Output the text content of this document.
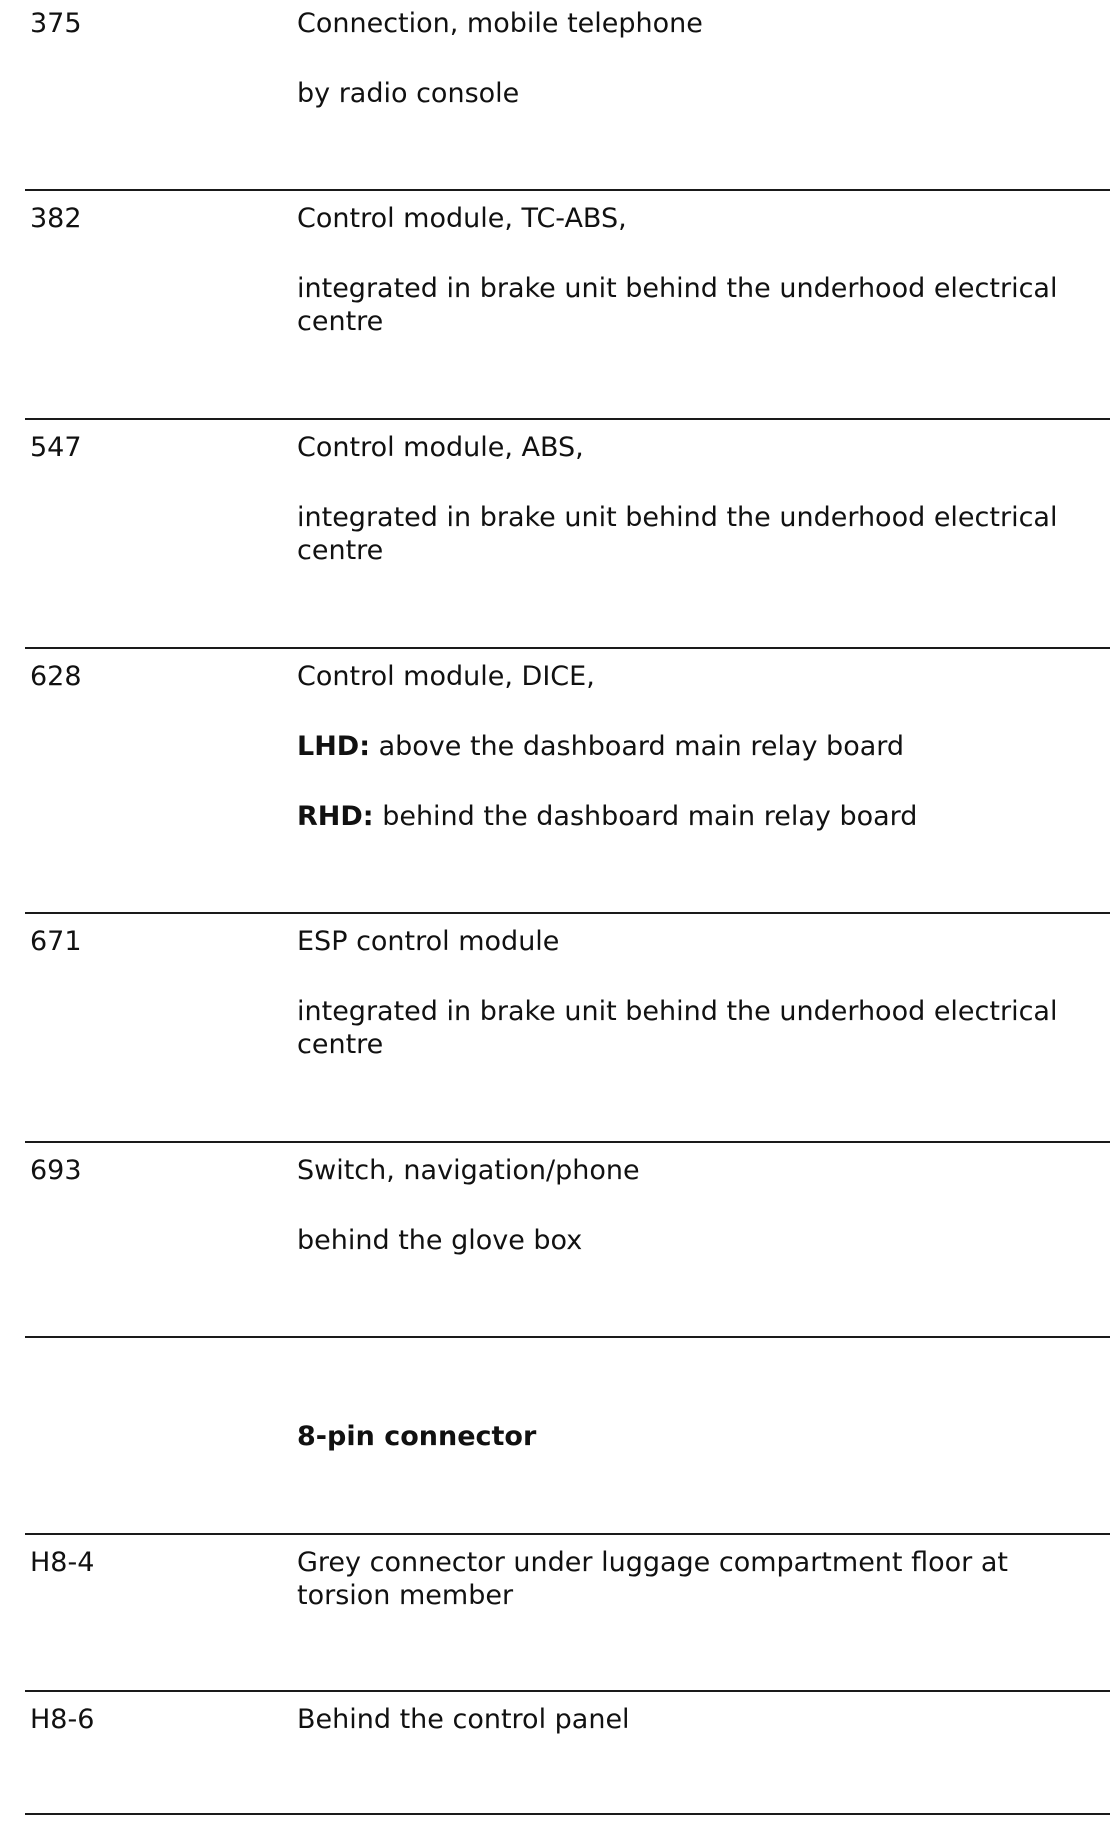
375	Connection, mobile telephone
by radio console
382	Control module, TC-ABS,
integrated in brake unit behind the underhood electrical centre
547	Control module, ABS,
integrated in brake unit behind the underhood electrical centre
628	Control module, DICE,
LHD: above the dashboard main relay board
RHD: behind the dashboard main relay board
671	ESP control module
integrated in brake unit behind the underhood electrical centre
693	Switch, navigation/phone
behind the glove box
8-pin connector
H8-4	Grey connector under luggage compartment floor at torsion member
H8-6	Behind the control panel
